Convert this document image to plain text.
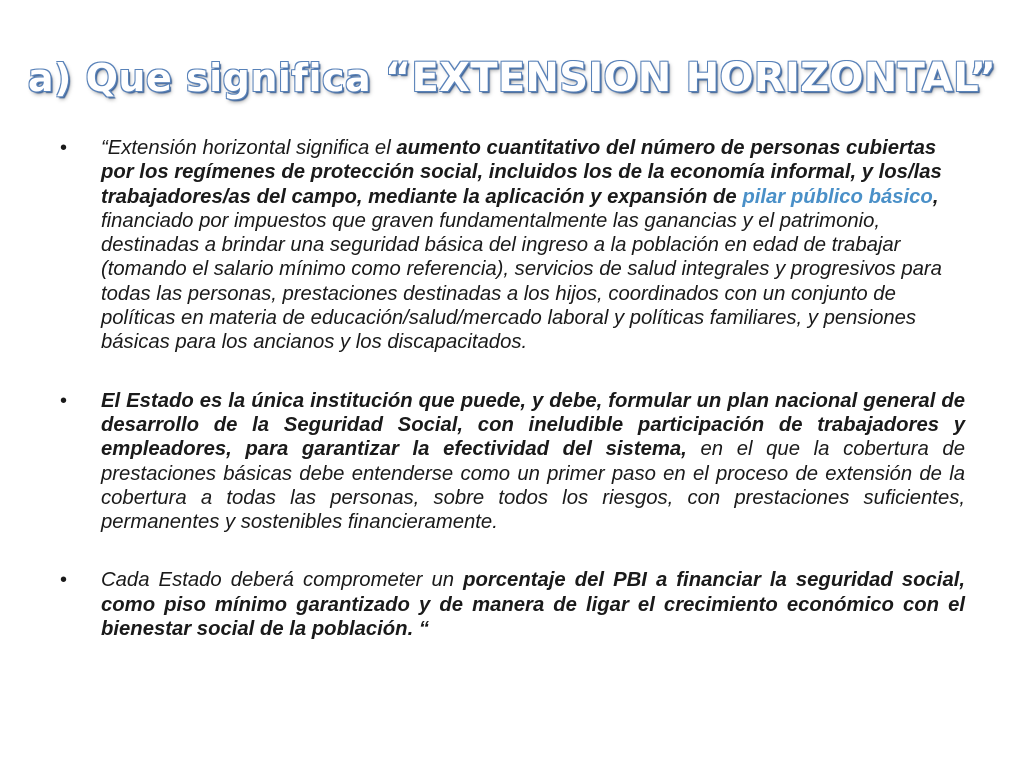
a) Que significa “EXTENSION HORIZONTAL”
• “Extensión horizontal significa el aumento cuantitativo del número de personas cubiertas por los regímenes de protección social, incluidos los de la economía informal, y los/las trabajadores/as del campo, mediante la aplicación y expansión de pilar público básico, financiado por impuestos que graven fundamentalmente las ganancias y el patrimonio, destinadas a brindar una seguridad básica del ingreso a la población en edad de trabajar (tomando el salario mínimo como referencia), servicios de salud integrales y progresivos para todas las personas, prestaciones destinadas a los hijos, coordinados con un conjunto de políticas en materia de educación/salud/mercado laboral y políticas familiares, y pensiones básicas para los ancianos y los discapacitados.
• El Estado es la única institución que puede, y debe, formular un plan nacional general de desarrollo de la Seguridad Social, con ineludible participación de trabajadores y empleadores, para garantizar la efectividad del sistema, en el que la cobertura de prestaciones básicas debe entenderse como un primer paso en el proceso de extensión de la cobertura a todas las personas, sobre todos los riesgos, con prestaciones suficientes, permanentes y sostenibles financieramente.
• Cada Estado deberá comprometer un porcentaje del PBI a financiar la seguridad social, como piso mínimo garantizado y de manera de ligar el crecimiento económico con el bienestar social de la población. “
